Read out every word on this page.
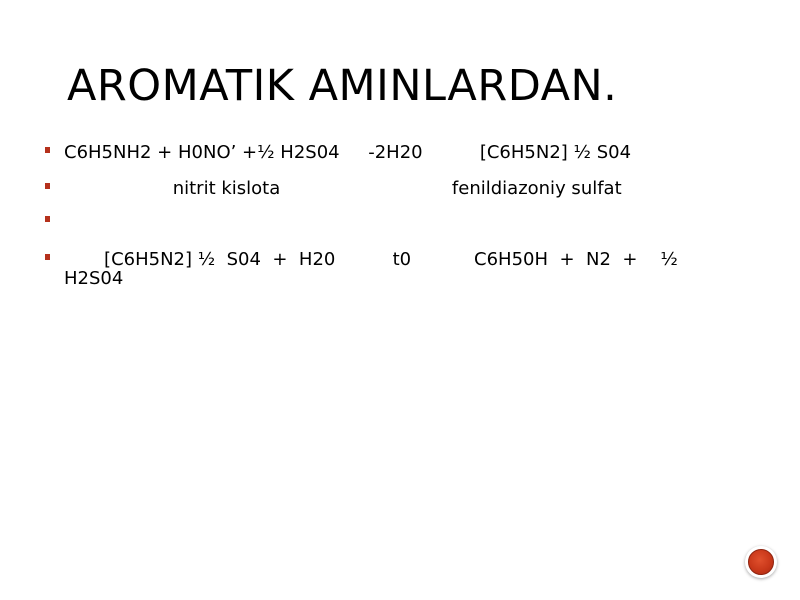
AROMATIK AMINLARDAN.
C6H5NH2 + H0NO’ +½ H2S04     -2H20          [C6H5N2] ½ S04
nitrit kislota                              fenildiazoniy sulfat
[C6H5N2] ½  S04  +  H20          t0           C6H50H  +  N2  +    ½
H2S04
